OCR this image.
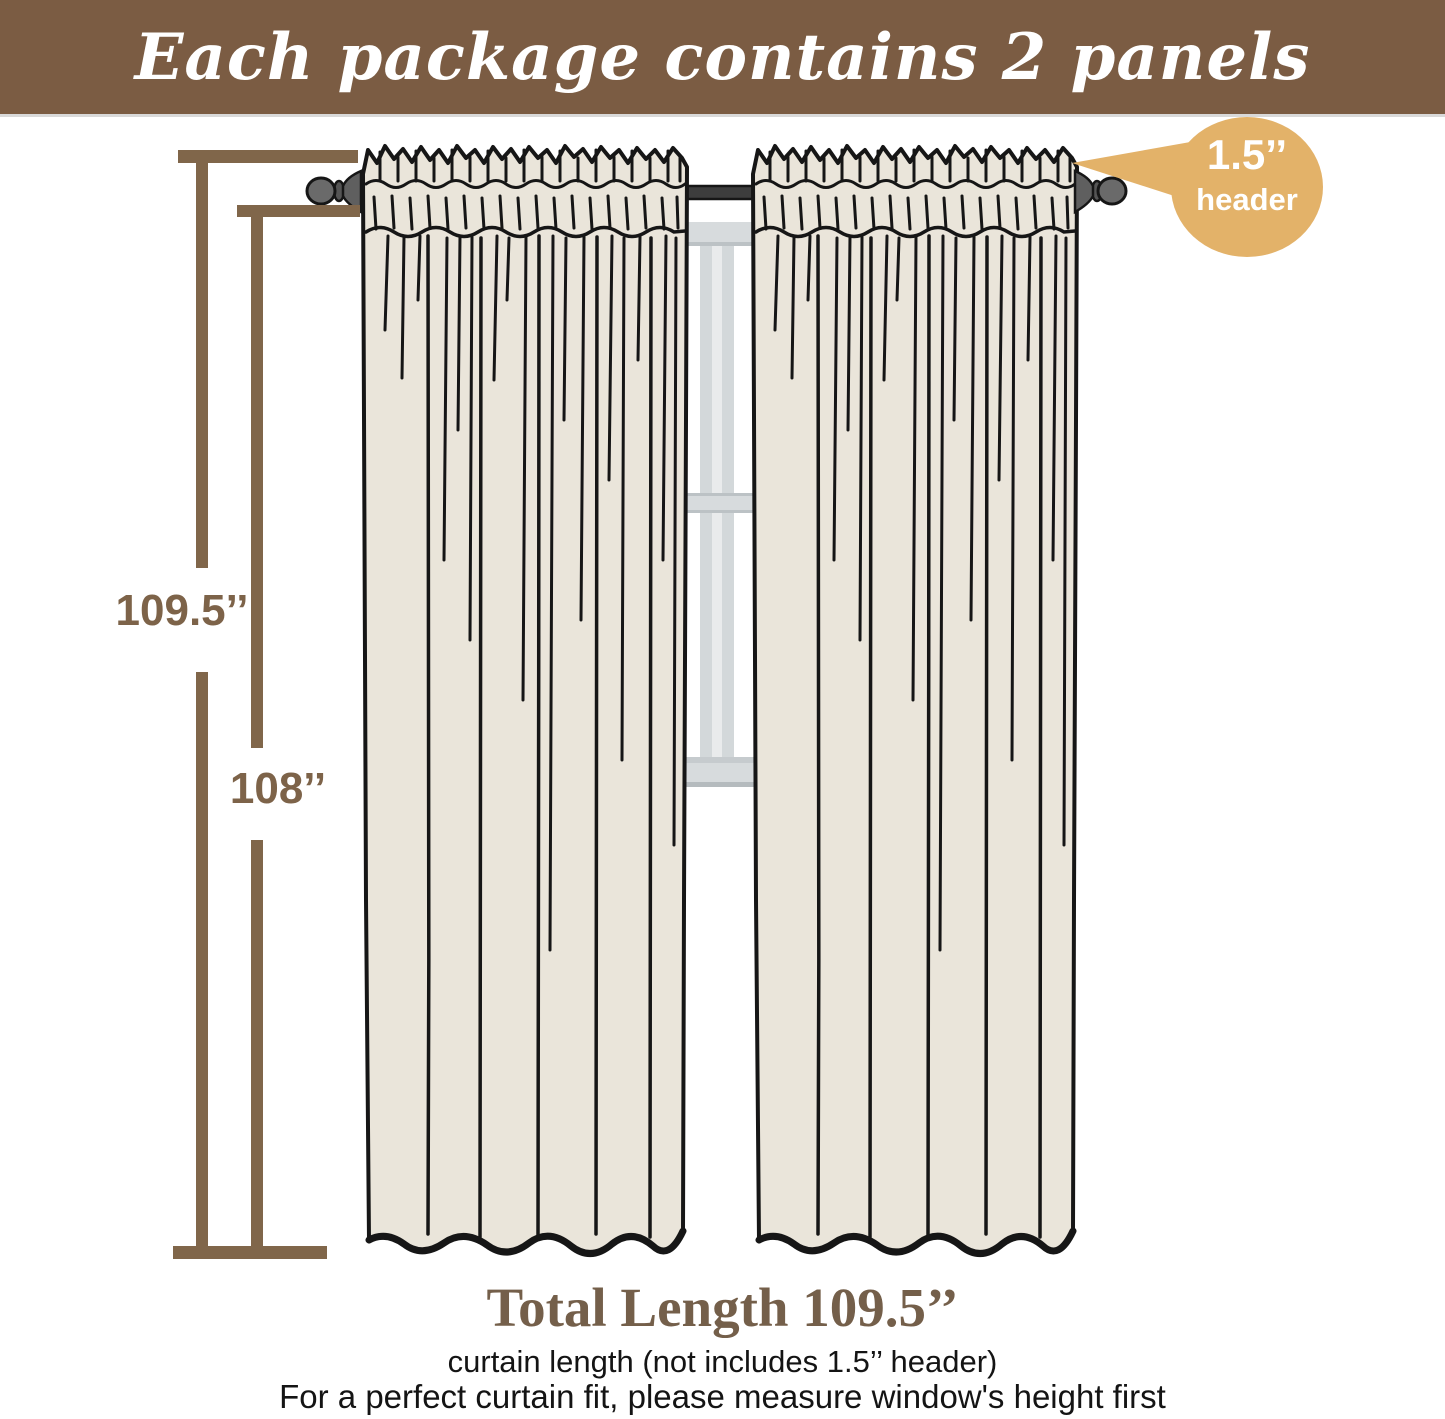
Each package contains 2 panels
109.5’’
108’’
1.5’’
header
Total Length 109.5’’
curtain length (not includes 1.5’’ header)
For a perfect curtain fit, please measure window's height first
